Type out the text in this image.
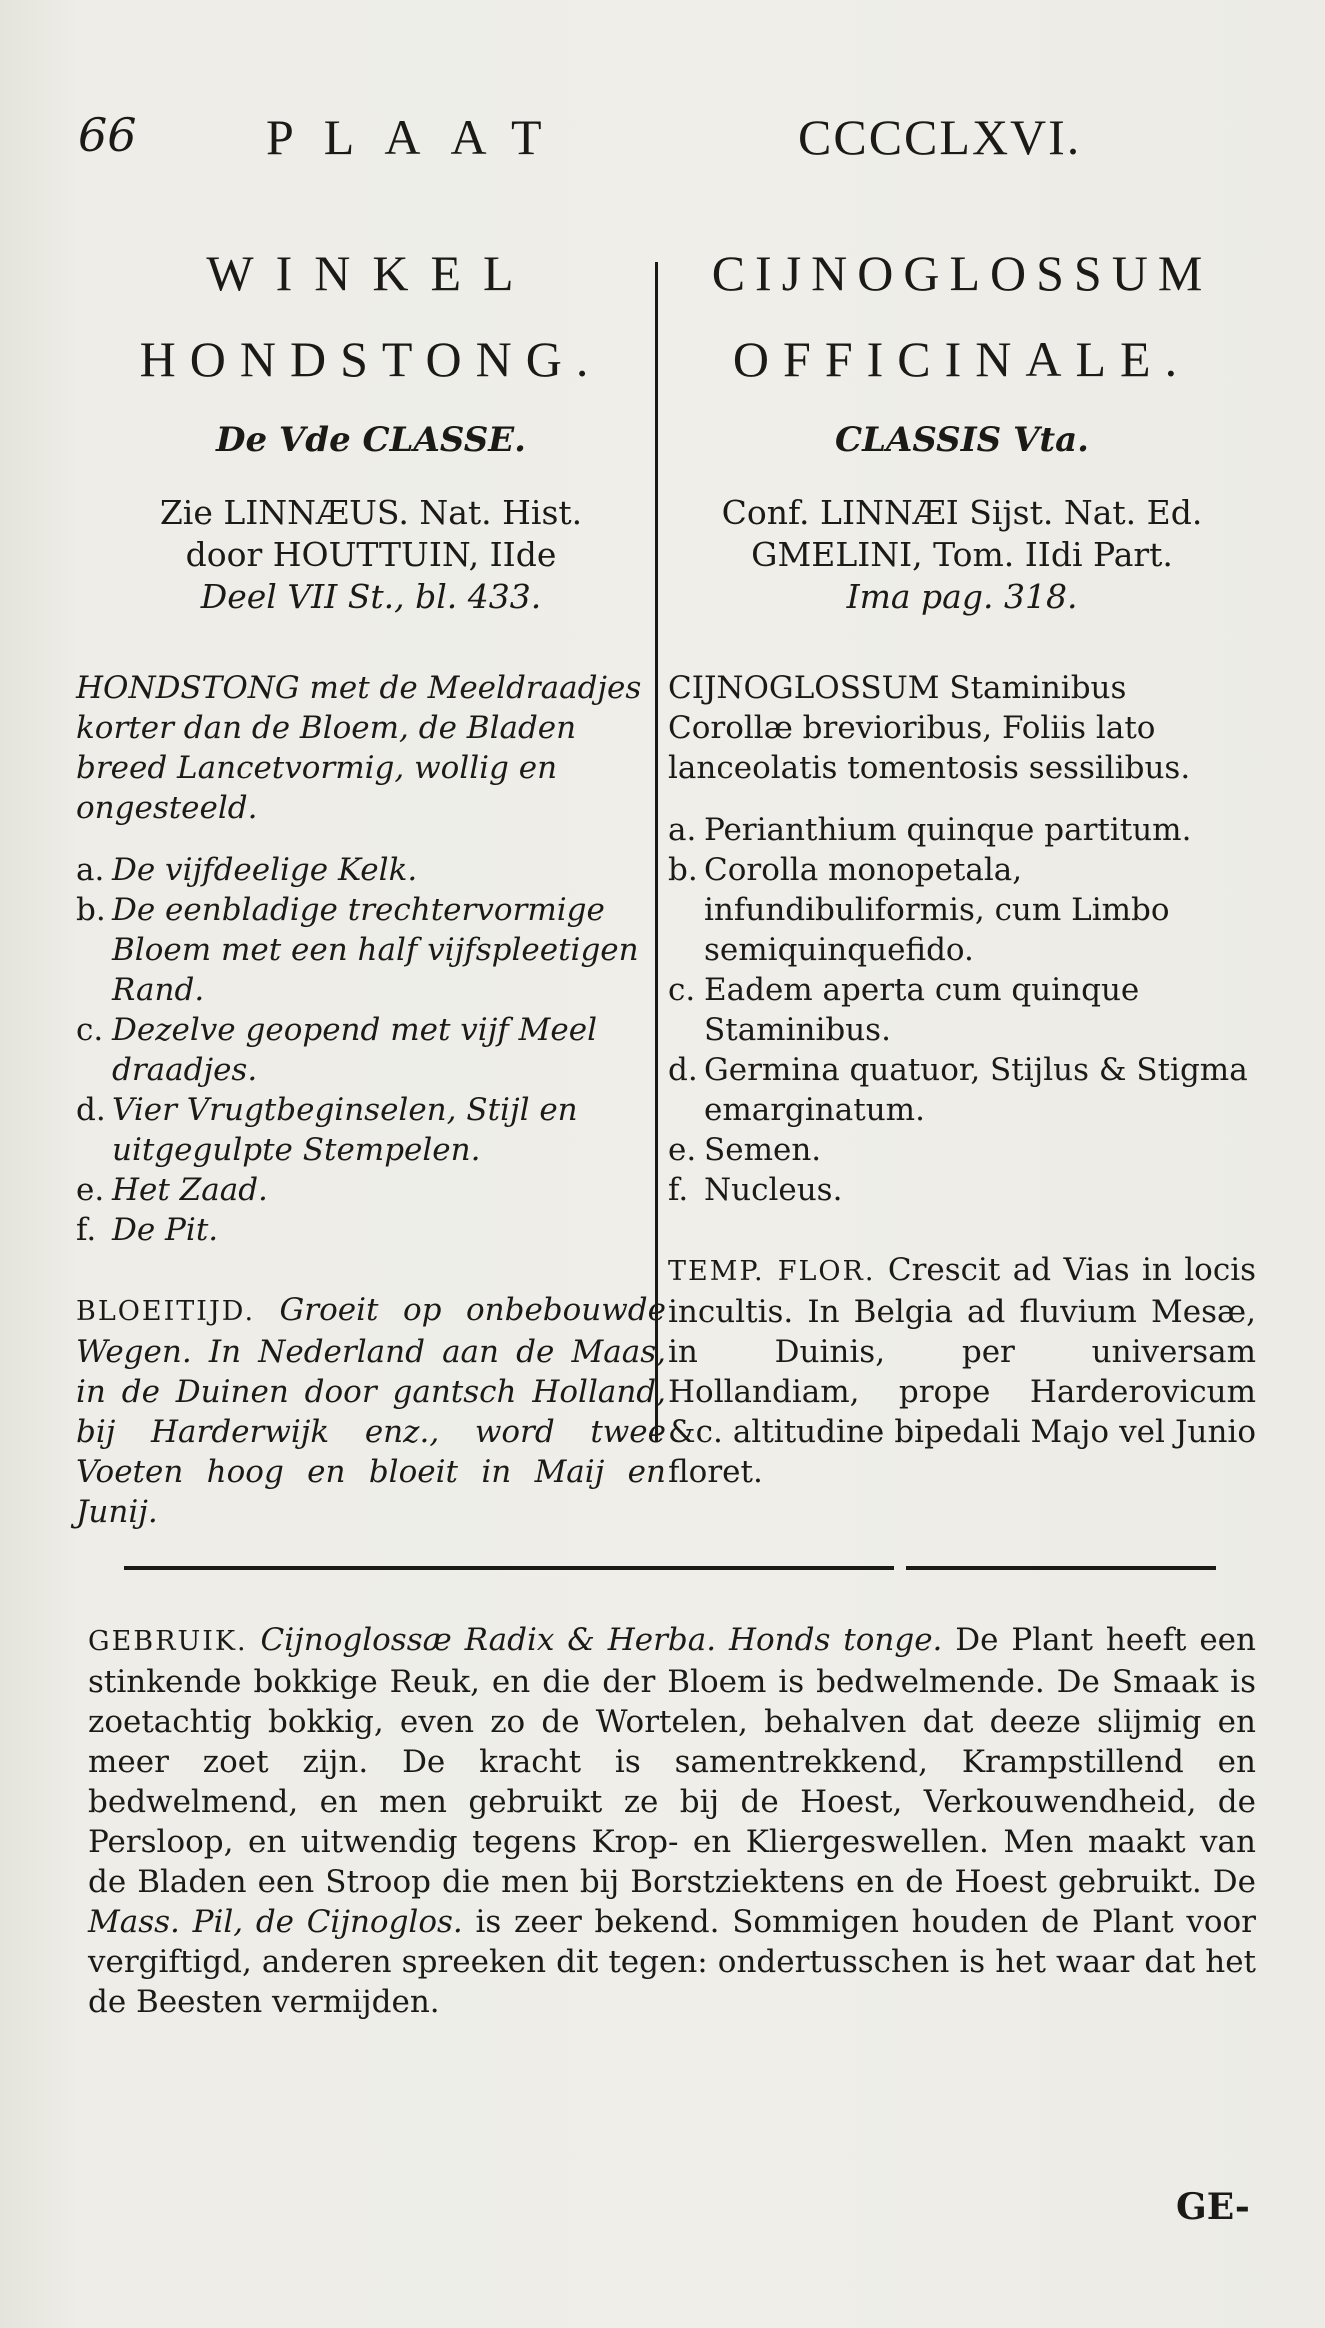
66	PLAAT	CCCCLXVI.
WINKEL
HONDSTONG.
De Vde CLASSE.
Zie LINNÆUS. Nat. Hist.
door HOUTTUIN, IIde
Deel VII St., bl. 433.
HONDSTONG met de Meeldraadjes korter dan de Bloem, de Bladen breed Lancetvormig, wollig en ongesteeld.
a. De vijfdeelige Kelk.
b. De eenbladige trechtervormige Bloem met een half vijfspleetigen Rand.
c. Dezelve geopend met vijf Meel draadjes.
d. Vier Vrugtbeginselen, Stijl en uitgegulpte Stempelen.
e. Het Zaad.
f. De Pit.
BLOEITIJD. Groeit op onbebouwde Wegen. In Nederland aan de Maas, in de Duinen door gantsch Holland, bij Harderwijk enz., word twee Voeten hoog en bloeit in Maij en Junij.
CIJNOGLOSSUM
OFFICINALE.
CLASSIS Vta.
Conf. LINNÆI Sijst. Nat. Ed.
GMELINI, Tom. IIdi Part.
Ima pag. 318.
CIJNOGLOSSUM Staminibus Corollæ brevioribus, Foliis lato lanceolatis tomentosis sessilibus.
a. Perianthium quinque partitum.
b. Corolla monopetala, infundibuliformis, cum Limbo semiquinquefido.
c. Eadem aperta cum quinque Staminibus.
d. Germina quatuor, Stijlus & Stigma emarginatum.
e. Semen.
f. Nucleus.
TEMP. FLOR. Crescit ad Vias in locis incultis. In Belgia ad fluvium Mesæ, in Duinis, per universam Hollandiam, prope Harderovicum &c. altitudine bipedali Majo vel Junio floret.
GEBRUIK. Cijnoglossæ Radix & Herba. Honds tonge. De Plant heeft een stinkende bokkige Reuk, en die der Bloem is bedwelmende. De Smaak is zoetachtig bokkig, even zo de Wortelen, behalven dat deeze slijmig en meer zoet zijn. De kracht is samentrekkend, Krampstillend en bedwelmend, en men gebruikt ze bij de Hoest, Verkouwendheid, de Persloop, en uitwendig tegens Krop- en Kliergeswellen. Men maakt van de Bladen een Stroop die men bij Borstziektens en de Hoest gebruikt. De Mass. Pil, de Cijnoglos. is zeer bekend. Sommigen houden de Plant voor vergiftigd, anderen spreeken dit tegen: ondertusschen is het waar dat het de Beesten vermijden.
GE-
